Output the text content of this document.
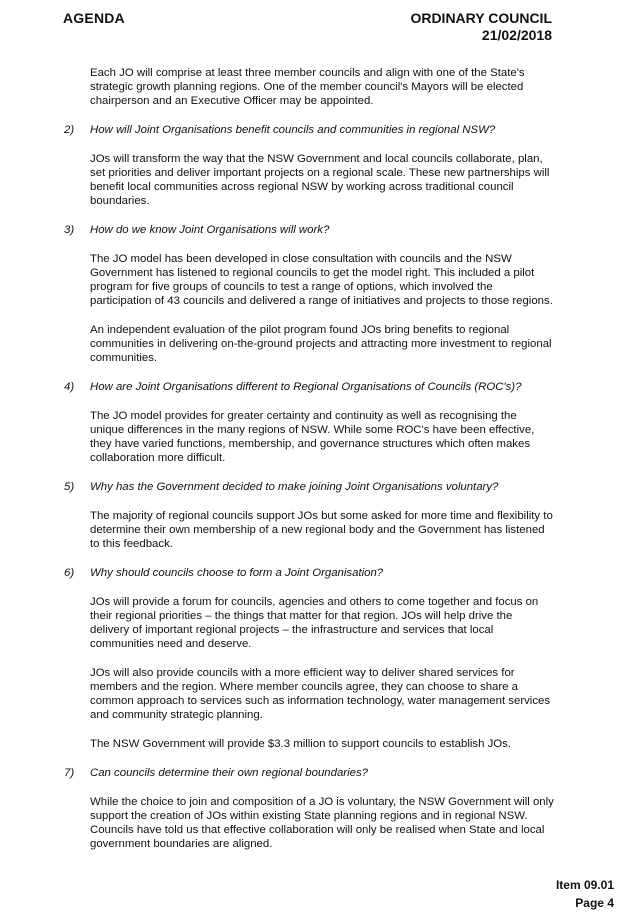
AGENDA	ORDINARY COUNCIL
21/02/2018

Each JO will comprise at least three member councils and align with one of the State's strategic growth planning regions. One of the member council's Mayors will be elected chairperson and an Executive Officer may be appointed.

2)	How will Joint Organisations benefit councils and communities in regional NSW?

JOs will transform the way that the NSW Government and local councils collaborate, plan, set priorities and deliver important projects on a regional scale. These new partnerships will benefit local communities across regional NSW by working across traditional council boundaries.

3)	How do we know Joint Organisations will work?

The JO model has been developed in close consultation with councils and the NSW Government has listened to regional councils to get the model right. This included a pilot program for five groups of councils to test a range of options, which involved the participation of 43 councils and delivered a range of initiatives and projects to those regions.

An independent evaluation of the pilot program found JOs bring benefits to regional communities in delivering on-the-ground projects and attracting more investment to regional communities.

4)	How are Joint Organisations different to Regional Organisations of Councils (ROC's)?

The JO model provides for greater certainty and continuity as well as recognising the unique differences in the many regions of NSW. While some ROC's have been effective, they have varied functions, membership, and governance structures which often makes collaboration more difficult.

5)	Why has the Government decided to make joining Joint Organisations voluntary?

The majority of regional councils support JOs but some asked for more time and flexibility to determine their own membership of a new regional body and the Government has listened to this feedback.

6)	Why should councils choose to form a Joint Organisation?

JOs will provide a forum for councils, agencies and others to come together and focus on their regional priorities – the things that matter for that region. JOs will help drive the delivery of important regional projects – the infrastructure and services that local communities need and deserve.

JOs will also provide councils with a more efficient way to deliver shared services for members and the region. Where member councils agree, they can choose to share a common approach to services such as information technology, water management services and community strategic planning.

The NSW Government will provide $3.3 million to support councils to establish JOs.

7)	Can councils determine their own regional boundaries?

While the choice to join and composition of a JO is voluntary, the NSW Government will only support the creation of JOs within existing State planning regions and in regional NSW. Councils have told us that effective collaboration will only be realised when State and local government boundaries are aligned.

Item 09.01
Page 4
